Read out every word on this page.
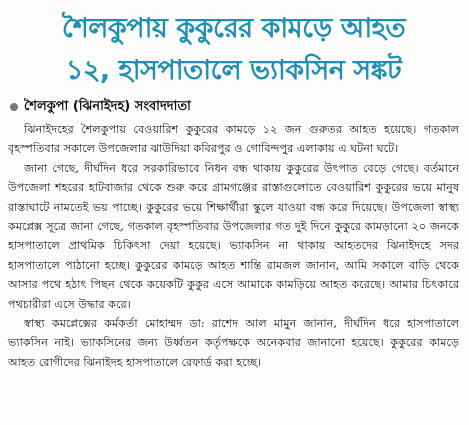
শৈলকুপায় কুকুরের কামড়ে আহত
১২, হাসপাতালে ভ্যাকসিন সঙ্কট
শৈলকুপা (ঝিনাইদহ) সংবাদদাতা

ঝিনাইদহের শৈলকুপায় বেওয়ারিশ কুকুরের কামড়ে ১২ জন গুরুতর আহত হয়েছে। গতকাল বৃহস্পতিবার সকালে উপজেলার ঝাউদিয়া কবিরপুর ও গোবিন্দপুর এলাকায় এ ঘটনা ঘটে।

জানা গেছে, দীর্ঘদিন ধরে সরকারিভাবে নিধন বন্ধ থাকায় কুকুরের উৎপাত বেড়ে গেছে। বর্তমানে উপজেলা শহরের হাটবাজার থেকে শুরু করে গ্রামগঞ্জের রাস্তাগুলোতে বেওয়ারিশ কুকুরের ভয়ে মানুষ রাস্তাঘাটে নামতেই ভয় পাচ্ছে। কুকুরের ভয়ে শিক্ষার্থীরা স্কুলে যাওয়া বন্ধ করে দিয়েছে। উপজেলা স্বাস্থ্য কমপ্লেক্স সূত্রে জানা গেছে, গতকাল বৃহস্পতিবার উপজেলার গত দুই দিনে কুকুরে কামড়ানো ২০ জনকে হাসপাতালে প্রাথমিক চিকিৎসা দেয়া হয়েছে। ভ্যাকসিন না থাকায় আহতদের ঝিনাইদহে সদর হাসপাতালে পাঠানো হচ্ছে। কুকুরের কামড়ে আহত শান্তি রামজল জানান, আমি সকালে বাড়ি থেকে আসার পথে হঠাৎ পিছন থেকে কয়েকটি কুকুর এসে আমাকে কামড়িয়ে আহত করেছে। আমার চিৎকারে পথচারীরা এসে উদ্ধার করে।

স্বাস্থ্য কমপ্লেক্সের কর্মকর্তা মোহাম্মদ ডা: রাশেদ আল মামুন জানান, দীর্ঘদিন ধরে হাসপাতালে ভ্যাকসিন নাই। ভ্যাকসিনের জন্য উর্ধ্বতন কর্তৃপক্ষকে অনেকবার জানানো হয়েছে। কুকুরের কামড়ে আহত রোগীদের ঝিনাইদহ হাসপাতালে রেফার্ড করা হচ্ছে।
